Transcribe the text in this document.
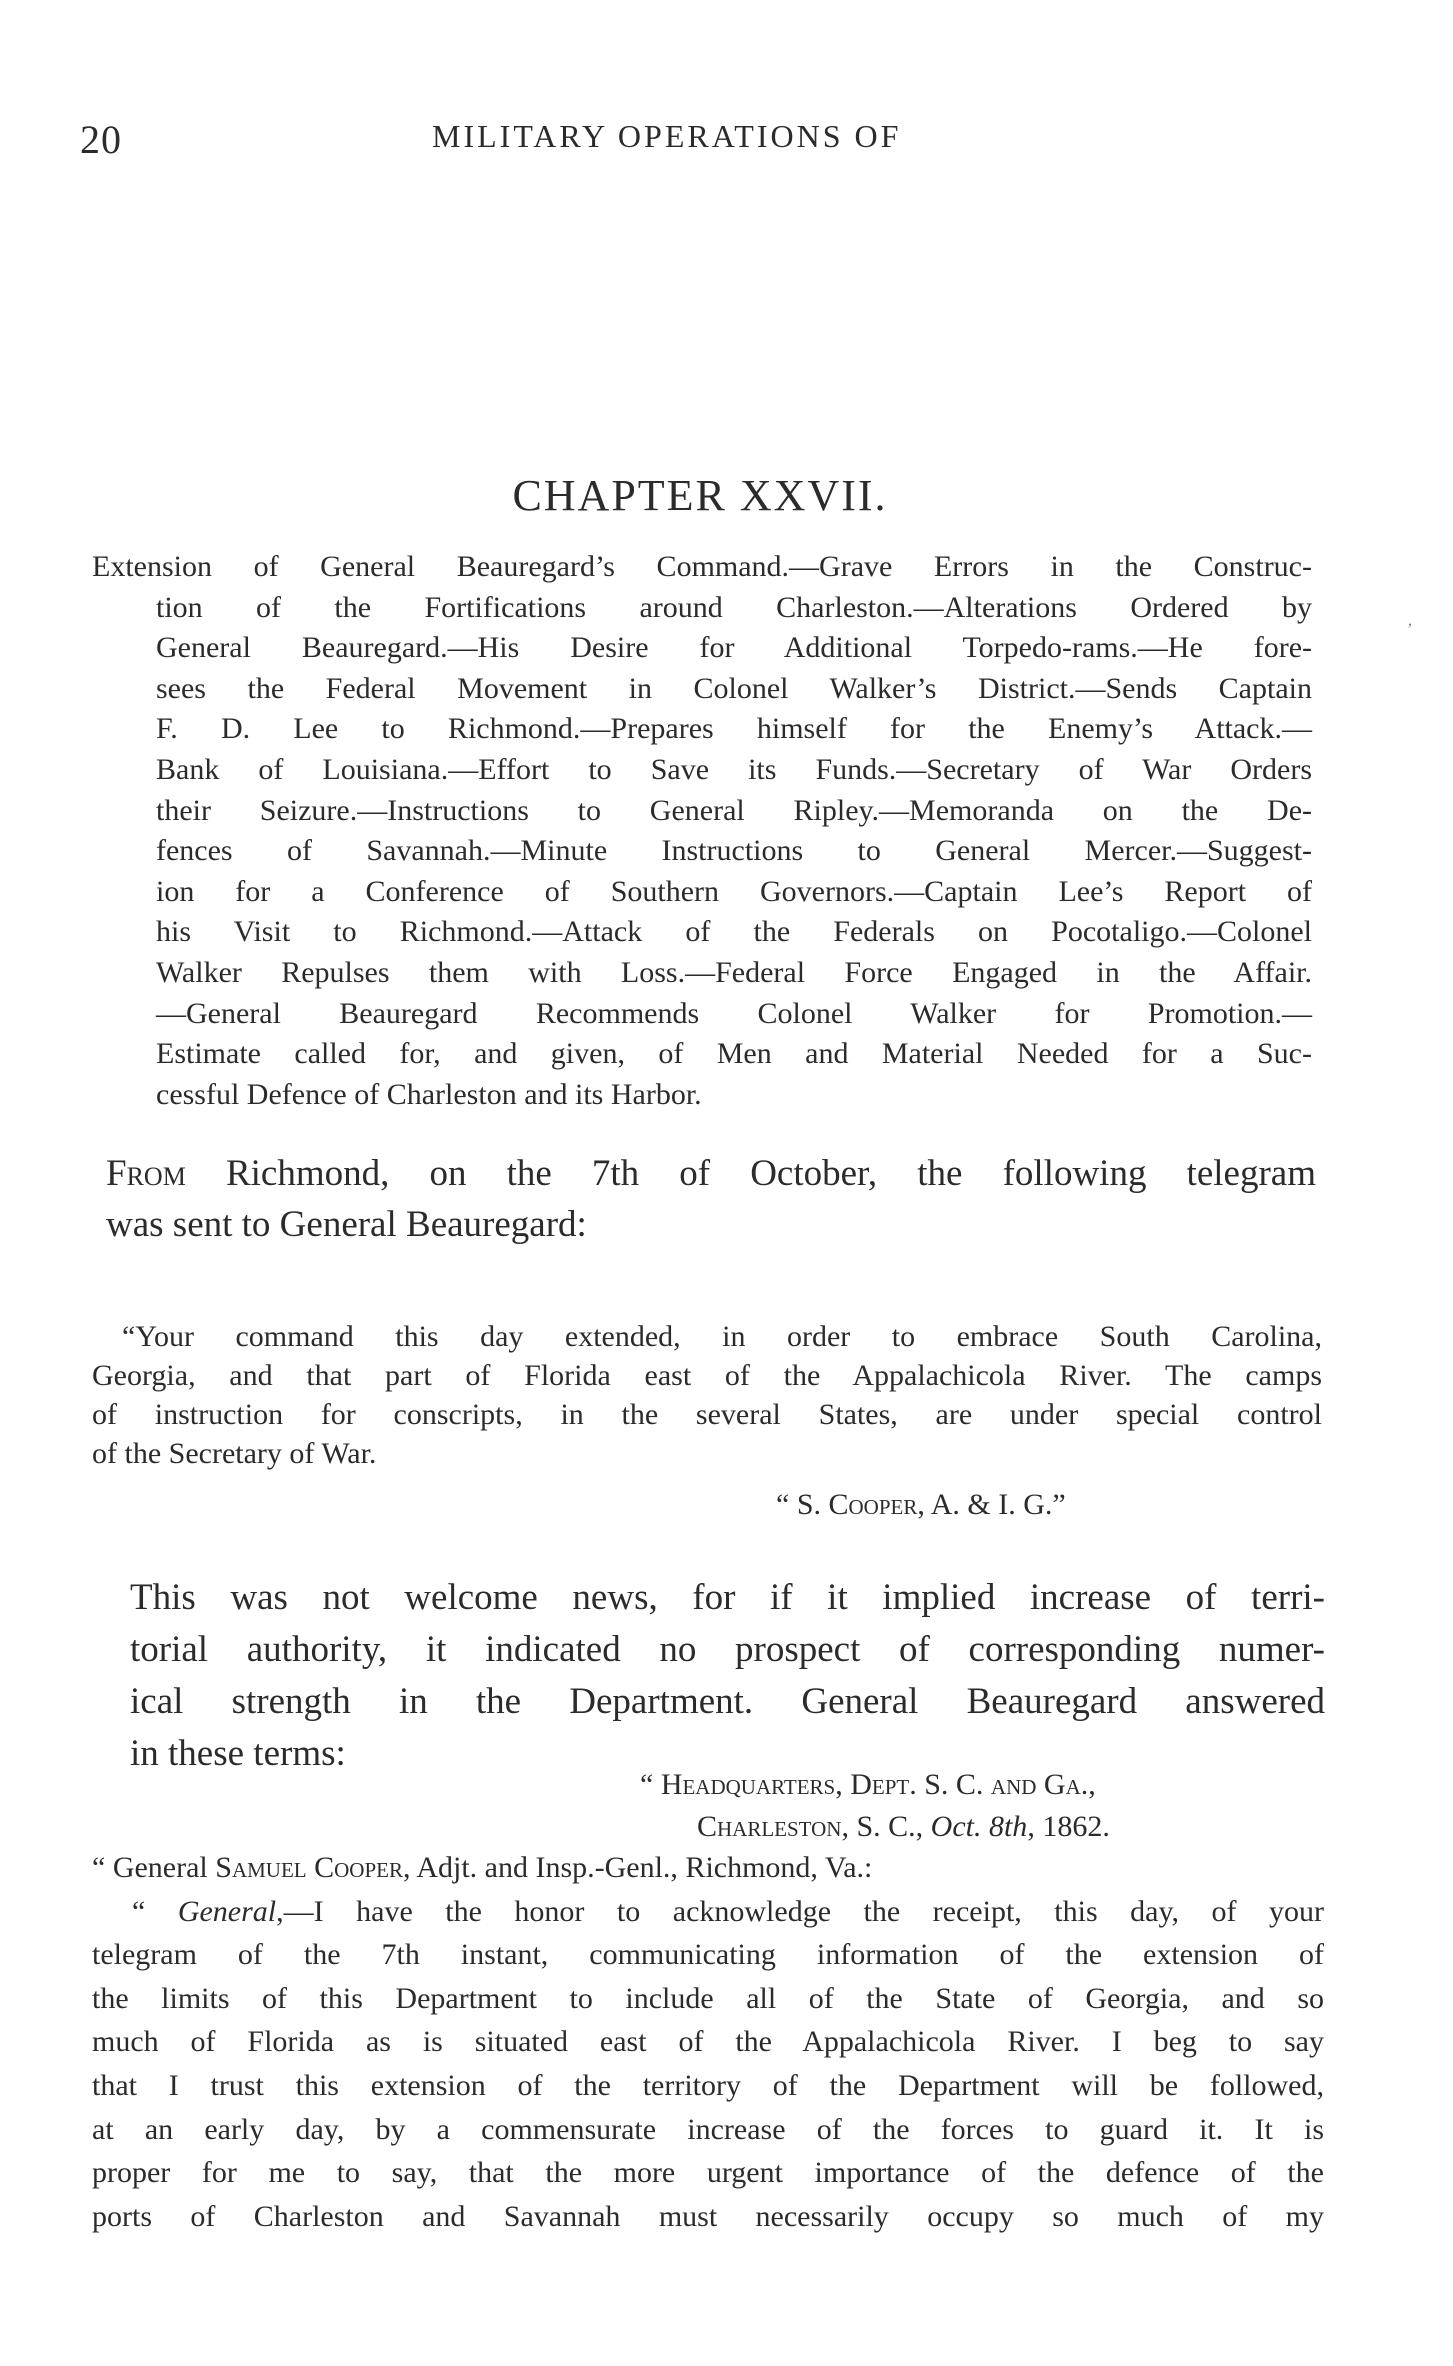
20	MILITARY OPERATIONS OF
CHAPTER XXVII.
,
Extension of General Beauregard’s Command.—Grave Errors in the Construc-
tion of the Fortifications around Charleston.—Alterations Ordered by
General Beauregard.—His Desire for Additional Torpedo-rams.—He fore-
sees the Federal Movement in Colonel Walker’s District.—Sends Captain
F. D. Lee to Richmond.—Prepares himself for the Enemy’s Attack.—
Bank of Louisiana.—Effort to Save its Funds.—Secretary of War Orders
their Seizure.—Instructions to General Ripley.—Memoranda on the De-
fences of Savannah.—Minute Instructions to General Mercer.—Suggest-
ion for a Conference of Southern Governors.—Captain Lee’s Report of
his Visit to Richmond.—Attack of the Federals on Pocotaligo.—Colonel
Walker Repulses them with Loss.—Federal Force Engaged in the Affair.
—General Beauregard Recommends Colonel Walker for Promotion.—
Estimate called for, and given, of Men and Material Needed for a Suc-
cessful Defence of Charleston and its Harbor.
From Richmond, on the 7th of October, the following telegram
was sent to General Beauregard:
“Your command this day extended, in order to embrace South Carolina,
Georgia, and that part of Florida east of the Appalachicola River. The camps
of instruction for conscripts, in the several States, are under special control
of the Secretary of War.
“ S. Cooper, A. & I. G.”
This was not welcome news, for if it implied increase of terri-
torial authority, it indicated no prospect of corresponding numer-
ical strength in the Department. General Beauregard answered
in these terms:
“ Headquarters, Dept. S. C. and Ga.,
Charleston, S. C., Oct. 8th, 1862.
“ General Samuel Cooper, Adjt. and Insp.-Genl., Richmond, Va.:
“ General,—I have the honor to acknowledge the receipt, this day, of your
telegram of the 7th instant, communicating information of the extension of
the limits of this Department to include all of the State of Georgia, and so
much of Florida as is situated east of the Appalachicola River. I beg to say
that I trust this extension of the territory of the Department will be followed,
at an early day, by a commensurate increase of the forces to guard it. It is
proper for me to say, that the more urgent importance of the defence of the
ports of Charleston and Savannah must necessarily occupy so much of my
